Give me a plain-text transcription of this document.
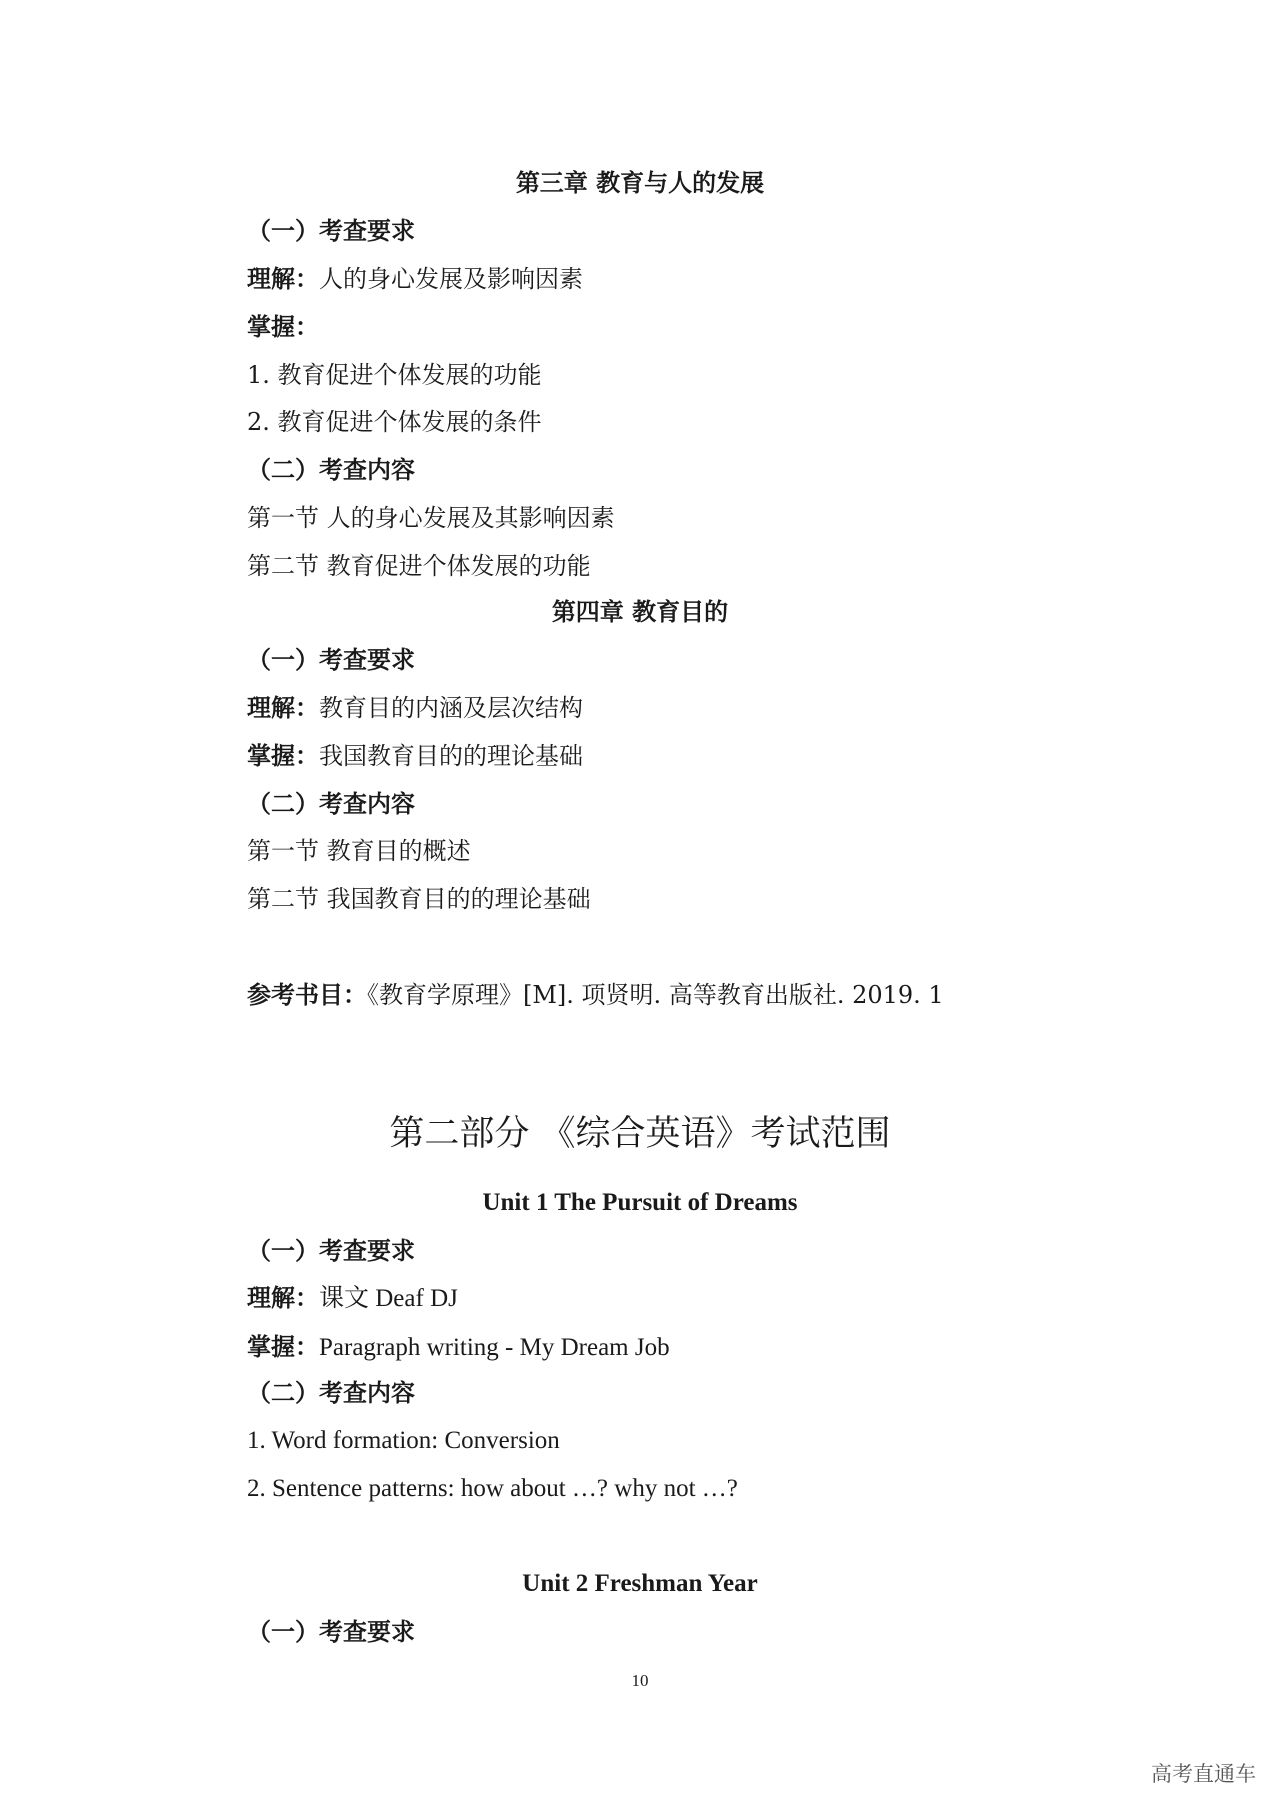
第三章 教育与人的发展
（一）考查要求
理解：人的身心发展及影响因素
掌握：
1. 教育促进个体发展的功能
2. 教育促进个体发展的条件
（二）考查内容
第一节 人的身心发展及其影响因素
第二节 教育促进个体发展的功能
第四章 教育目的
（一）考查要求
理解：教育目的内涵及层次结构
掌握：我国教育目的的理论基础
（二）考查内容
第一节 教育目的概述
第二节 我国教育目的的理论基础
参考书目：《教育学原理》[M]. 项贤明. 高等教育出版社. 2019. 1
第二部分 《综合英语》考试范围
Unit 1 The Pursuit of Dreams
（一）考查要求
理解：课文 Deaf DJ
掌握：Paragraph writing - My Dream Job
（二）考查内容
1. Word formation: Conversion
2. Sentence patterns: how about …? why not …?
Unit 2 Freshman Year
（一）考查要求
10
高考直通车
